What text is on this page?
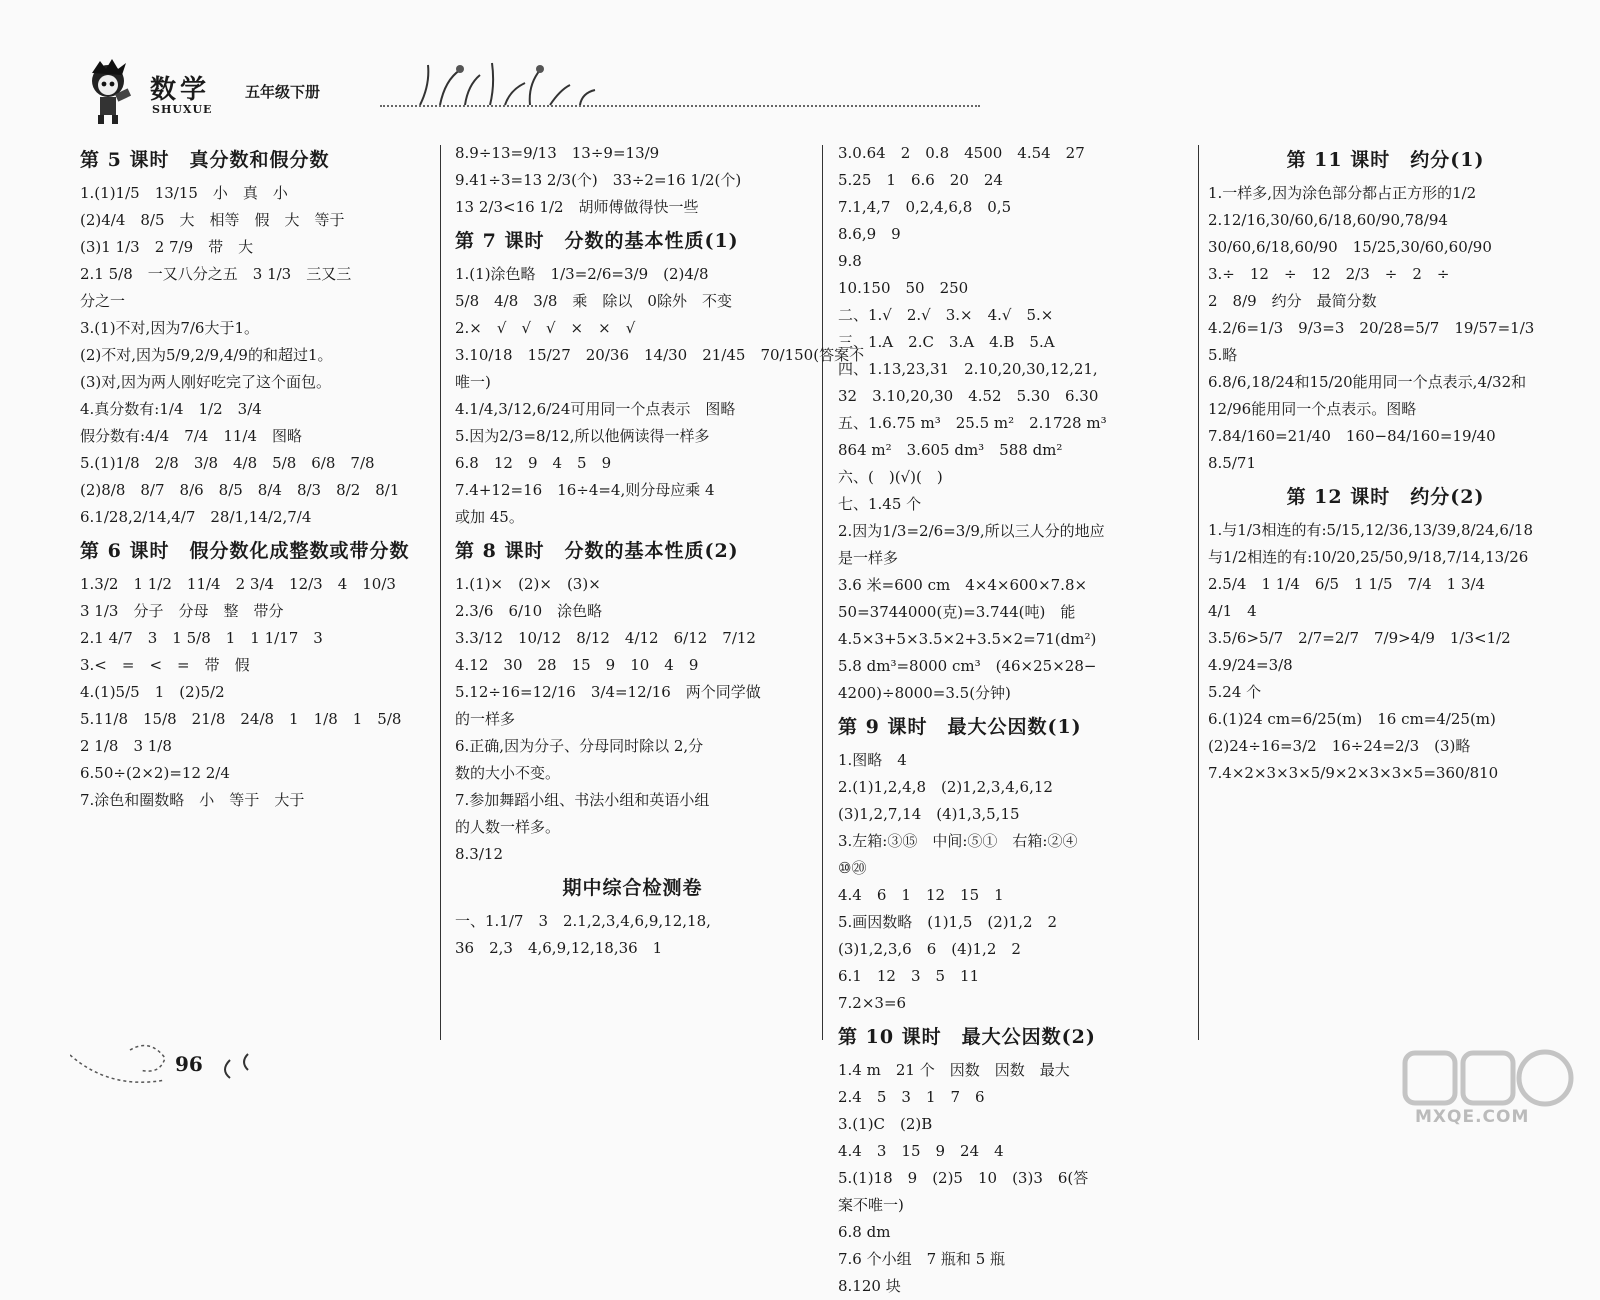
数学
SHUXUE
五年级下册
第 5 课时　真分数和假分数
1.(1)1/5　13/15　小　真　小
(2)4/4　8/5　大　相等　假　大　等于
(3)1 1/3　2 7/9　带　大
2.1 5/8　一又八分之五　3 1/3　三又三
分之一
3.(1)不对,因为7/6大于1。
(2)不对,因为5/9,2/9,4/9的和超过1。
(3)对,因为两人刚好吃完了这个面包。
4.真分数有:1/4　1/2　3/4
假分数有:4/4　7/4　11/4　图略
5.(1)1/8　2/8　3/8　4/8　5/8　6/8　7/8
(2)8/8　8/7　8/6　8/5　8/4　8/3　8/2　8/1
6.1/28,2/14,4/7　28/1,14/2,7/4
第 6 课时　假分数化成整数或带分数
1.3/2　1 1/2　11/4　2 3/4　12/3　4　10/3
3 1/3　分子　分母　整　带分
2.1 4/7　3　1 5/8　1　1 1/17　3
3.<　=　<　=　带　假
4.(1)5/5　1　(2)5/2
5.11/8　15/8　21/8　24/8　1　1/8　1　5/8
2 1/8　3 1/8
6.50÷(2×2)=12 2/4
7.涂色和圈数略　小　等于　大于
8.9÷13=9/13　13÷9=13/9
9.41÷3=13 2/3(个)　33÷2=16 1/2(个)
13 2/3<16 1/2　胡师傅做得快一些
第 7 课时　分数的基本性质(1)
1.(1)涂色略　1/3=2/6=3/9　(2)4/8
5/8　4/8　3/8　乘　除以　0除外　不变
2.×　√　√　√　×　×　√
3.10/18　15/27　20/36　14/30　21/45　70/150(答案不
唯一)
4.1/4,3/12,6/24可用同一个点表示　图略
5.因为2/3=8/12,所以他俩读得一样多
6.8　12　9　4　5　9
7.4+12=16　16÷4=4,则分母应乘 4
或加 45。
第 8 课时　分数的基本性质(2)
1.(1)×　(2)×　(3)×
2.3/6　6/10　涂色略
3.3/12　10/12　8/12　4/12　6/12　7/12
4.12　30　28　15　9　10　4　9
5.12÷16=12/16　3/4=12/16　两个同学做
的一样多
6.正确,因为分子、分母同时除以 2,分
数的大小不变。
7.参加舞蹈小组、书法小组和英语小组
的人数一样多。
8.3/12
期中综合检测卷
一、1.1/7　3　2.1,2,3,4,6,9,12,18,
36　2,3　4,6,9,12,18,36　1
3.0.64　2　0.8　4500　4.54　27
5.25　1　6.6　20　24
7.1,4,7　0,2,4,6,8　0,5
8.6,9　9
9.8
10.150　50　250
二、1.√　2.√　3.×　4.√　5.×
三、1.A　2.C　3.A　4.B　5.A
四、1.13,23,31　2.10,20,30,12,21,
32　3.10,20,30　4.52　5.30　6.30
五、1.6.75 m³　25.5 m²　2.1728 m³
864 m²　3.605 dm³　588 dm²
六、(　)(√)(　)
七、1.45 个
2.因为1/3=2/6=3/9,所以三人分的地应
是一样多
3.6 米=600 cm　4×4×600×7.8×
50=3744000(克)=3.744(吨)　能
4.5×3+5×3.5×2+3.5×2=71(dm²)
5.8 dm³=8000 cm³　(46×25×28−
4200)÷8000=3.5(分钟)
第 9 课时　最大公因数(1)
1.图略　4
2.(1)1,2,4,8　(2)1,2,3,4,6,12
(3)1,2,7,14　(4)1,3,5,15
3.左箱:③⑮　中间:⑤①　右箱:②④
⑩⑳
4.4　6　1　12　15　1
5.画因数略　(1)1,5　(2)1,2　2
(3)1,2,3,6　6　(4)1,2　2
6.1　12　3　5　11
7.2×3=6
第 10 课时　最大公因数(2)
1.4 m　21 个　因数　因数　最大
2.4　5　3　1　7　6
3.(1)C　(2)B
4.4　3　15　9　24　4
5.(1)18　9　(2)5　10　(3)3　6(答
案不唯一)
6.8 dm
7.6 个小组　7 瓶和 5 瓶
8.120 块
第 11 课时　约分(1)
1.一样多,因为涂色部分都占正方形的1/2
2.12/16,30/60,6/18,60/90,78/94
30/60,6/18,60/90　15/25,30/60,60/90
3.÷　12　÷　12　2/3　÷　2　÷
2　8/9　约分　最简分数
4.2/6=1/3　9/3=3　20/28=5/7　19/57=1/3
5.略
6.8/6,18/24和15/20能用同一个点表示,4/32和
12/96能用同一个点表示。图略
7.84/160=21/40　160−84/160=19/40
8.5/71
第 12 课时　约分(2)
1.与1/3相连的有:5/15,12/36,13/39,8/24,6/18
与1/2相连的有:10/20,25/50,9/18,7/14,13/26
2.5/4　1 1/4　6/5　1 1/5　7/4　1 3/4
4/1　4
3.5/6>5/7　2/7=2/7　7/9>4/9　1/3<1/2
4.9/24=3/8
5.24 个
6.(1)24 cm=6/25(m)　16 cm=4/25(m)
(2)24÷16=3/2　16÷24=2/3　(3)略
7.4×2×3×3×5/9×2×3×3×5=360/810
96
MXQE.COM
